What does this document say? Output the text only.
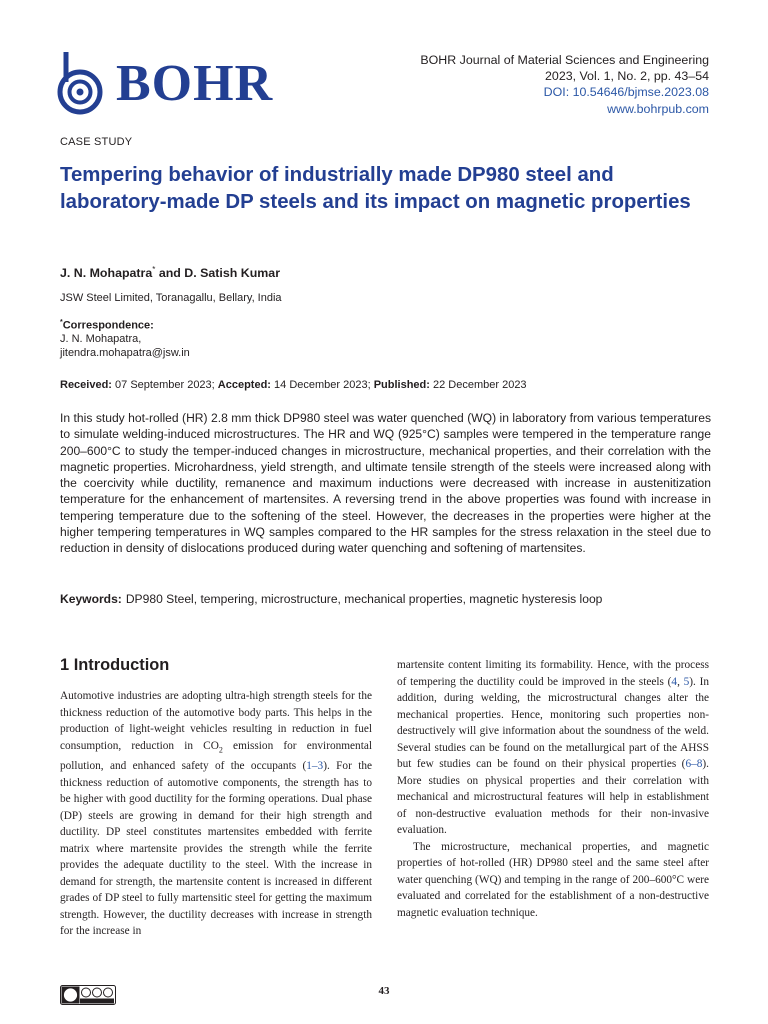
BOHR	BOHR Journal of Material Sciences and Engineering
2023, Vol. 1, No. 2, pp. 43–54
DOI: 10.54646/bjmse.2023.08
www.bohrpub.com
CASE STUDY
Tempering behavior of industrially made DP980 steel and laboratory-made DP steels and its impact on magnetic properties
J. N. Mohapatra* and D. Satish Kumar
JSW Steel Limited, Toranagallu, Bellary, India
*Correspondence:
J. N. Mohapatra,
jitendra.mohapatra@jsw.in
Received: 07 September 2023; Accepted: 14 December 2023; Published: 22 December 2023

In this study hot-rolled (HR) 2.8 mm thick DP980 steel was water quenched (WQ) in laboratory from various temperatures to simulate welding-induced microstructures. The HR and WQ (925°C) samples were tempered in the temperature range 200–600°C to study the temper-induced changes in microstructure, mechanical properties, and their correlation with the magnetic properties. Microhardness, yield strength, and ultimate tensile strength of the steels were increased along with the coercivity while ductility, remanence and maximum inductions were decreased with increase in austenitization temperature for the enhancement of martensites. A reversing trend in the above properties was found with increase in tempering temperature due to the softening of the steel. However, the decreases in the properties were higher at the higher tempering temperatures in WQ samples compared to the HR samples for the stress relaxation in the steel due to reduction in density of dislocations produced during water quenching and softening of martensites.

Keywords: DP980 Steel, tempering, microstructure, mechanical properties, magnetic hysteresis loop
1 Introduction

Automotive industries are adopting ultra-high strength steels for the thickness reduction of the automotive body parts. This helps in the production of light-weight vehicles resulting in reduction in fuel consumption, reduction in $CO_2$ emission for environmental pollution, and enhanced safety of the occupants (1–3). For the thickness reduction of automotive components, the strength has to be higher with good ductility for the forming operations. Dual phase (DP) steels are growing in demand for their high strength and ductility. DP steel constitutes martensites embedded with ferrite matrix where martensite provides the strength while the ferrite provides the adequate ductility to the steel. With the increase in demand for strength, the martensite content is increased in different grades of DP steel to fully martensitic steel for getting the maximum strength. However, the ductility decreases with increase in strength for the increase in

martensite content limiting its formability. Hence, with the process of tempering the ductility could be improved in the steels (4, 5). In addition, during welding, the microstructural changes alter the mechanical properties. Hence, monitoring such properties non-destructively will give information about the soundness of the weld. Several studies can be found on the metallurgical part of the AHSS but few studies can be found on their physical properties (6–8). More studies on physical properties and their correlation with mechanical and microstructural features will help in establishment of non-destructive evaluation methods for their non-invasive evaluation.

The microstructure, mechanical properties, and magnetic properties of hot-rolled (HR) DP980 steel and the same steel after water quenching (WQ) and temping in the range of 200–600°C were evaluated and correlated for the establishment of a non-destructive magnetic evaluation technique.

43
